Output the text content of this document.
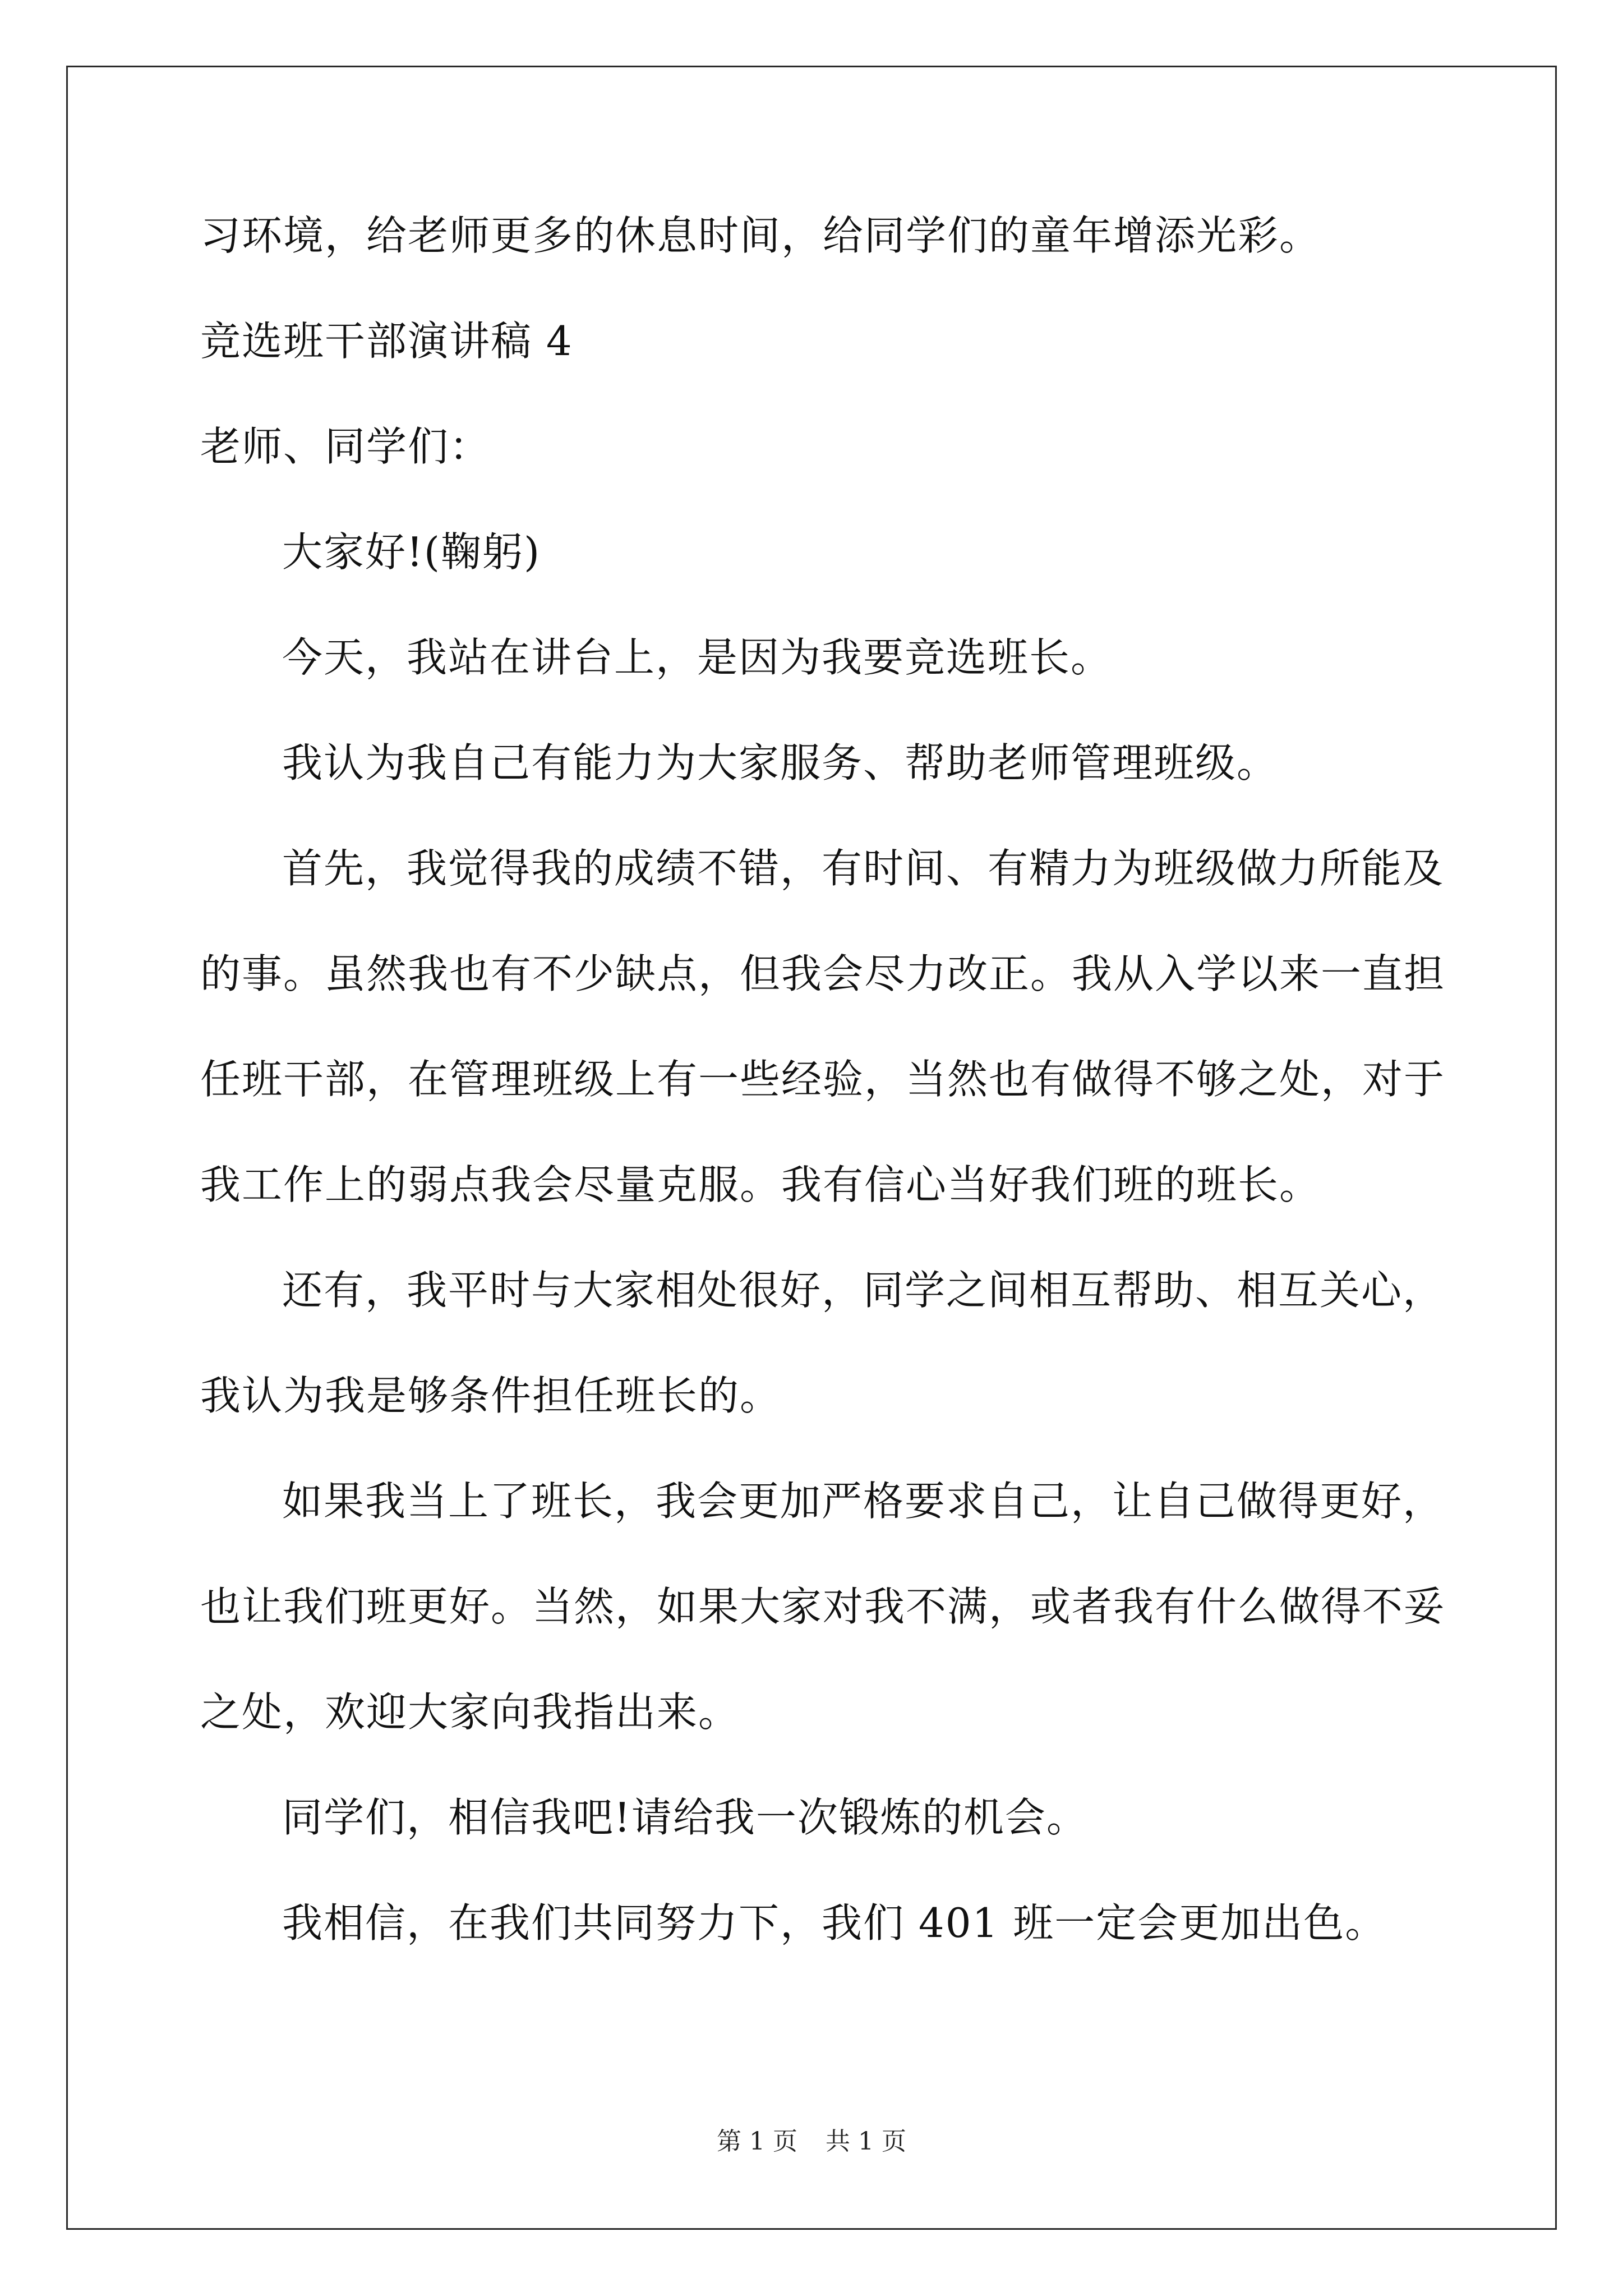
习环境，给老师更多的休息时间，给同学们的童年增添光彩。
竞选班干部演讲稿 4
老师、同学们：
大家好!(鞠躬)
今天，我站在讲台上，是因为我要竞选班长。
我认为我自己有能力为大家服务、帮助老师管理班级。
首先，我觉得我的成绩不错，有时间、有精力为班级做力所能及
的事。虽然我也有不少缺点，但我会尽力改正。我从入学以来一直担
任班干部，在管理班级上有一些经验，当然也有做得不够之处，对于
我工作上的弱点我会尽量克服。我有信心当好我们班的班长。
还有，我平时与大家相处很好，同学之间相互帮助、相互关心，
我认为我是够条件担任班长的。
如果我当上了班长，我会更加严格要求自己，让自己做得更好，
也让我们班更好。当然，如果大家对我不满，或者我有什么做得不妥
之处，欢迎大家向我指出来。
同学们，相信我吧!请给我一次锻炼的机会。
我相信，在我们共同努力下，我们 401 班一定会更加出色。
第 1 页 共 1 页
